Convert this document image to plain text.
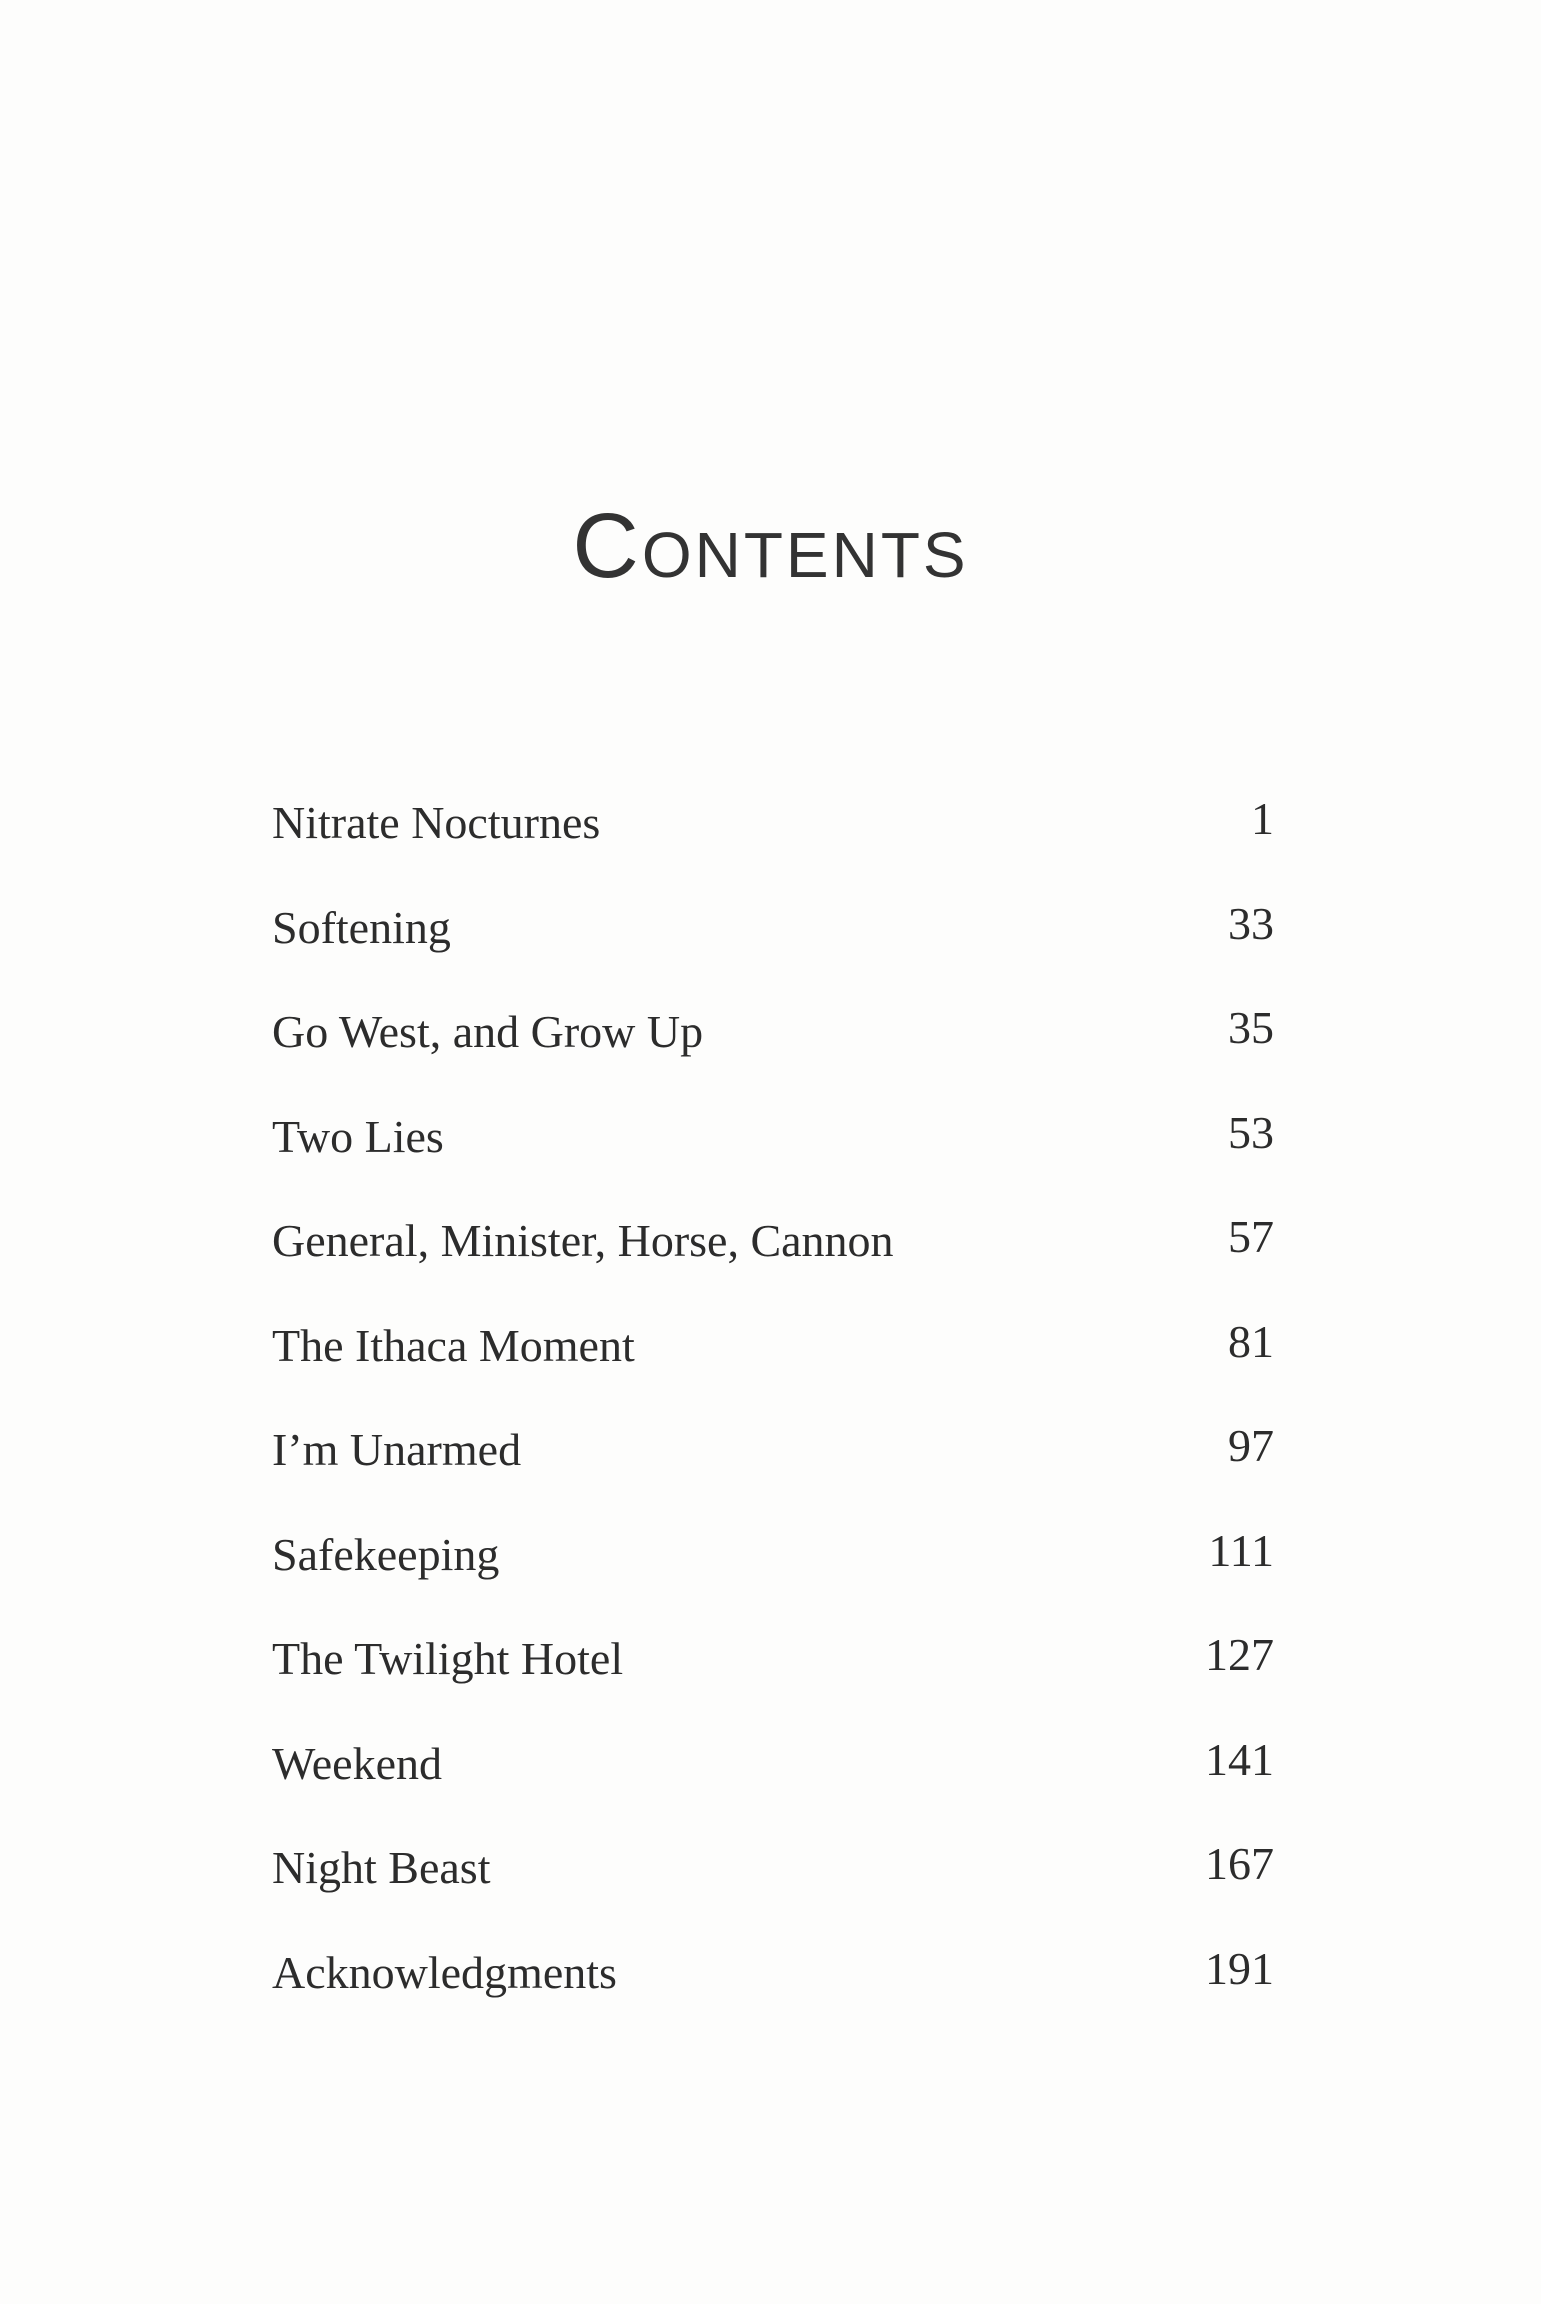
Contents
Nitrate Nocturnes	1
Softening	33
Go West, and Grow Up	35
Two Lies	53
General, Minister, Horse, Cannon	57
The Ithaca Moment	81
I’m Unarmed	97
Safekeeping	111
The Twilight Hotel	127
Weekend	141
Night Beast	167
Acknowledgments	191
